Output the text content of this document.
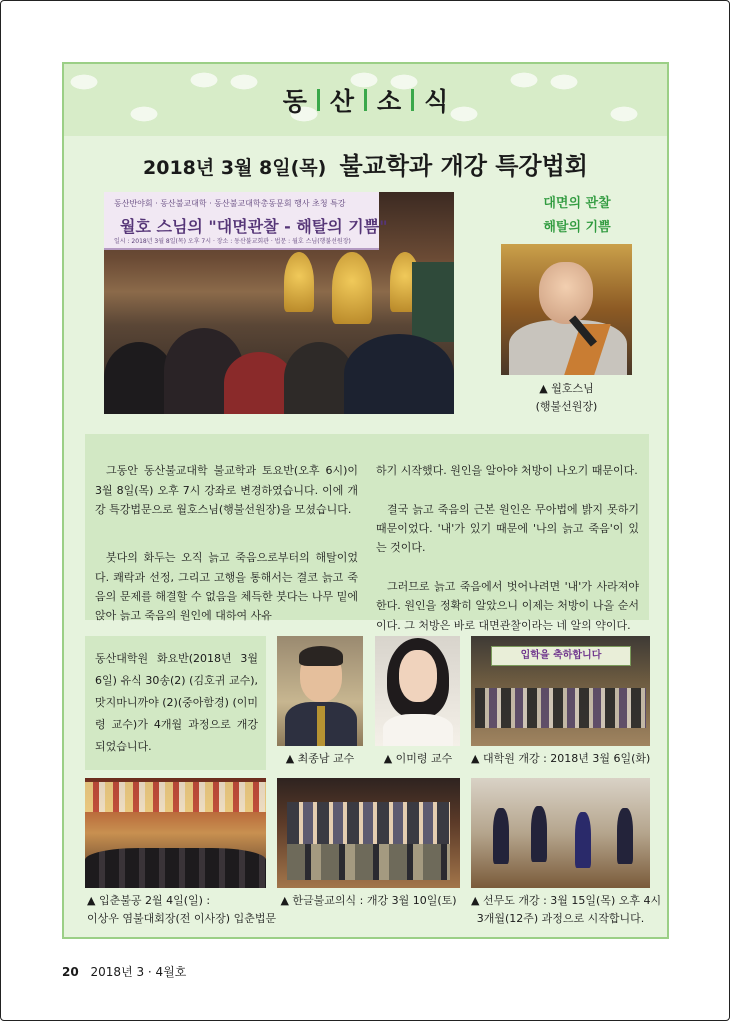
동 산 소 식
2018년 3월 8일(목) 불교학과 개강 특강법회
동산반야회 · 동산불교대학 · 동산불교대학총동문회 행사 초청 특강
월호 스님의 "대면관찰 - 해탈의 기쁨"
일시 : 2018년 3월 8일(목) 오후 7시 · 장소 : 동산불교회관 · 법문 : 월호 스님(행불선원장)
대면의 관찰
해탈의 기쁨
▲ 월호스님
(행불선원장)

그동안 동산불교대학 불교학과 토요반(오후 6시)이 3월 8일(목) 오후 7시 강좌로 변경하였습니다. 이에 개강 특강법문으로 월호스님(행불선원장)을 모셨습니다.

붓다의 화두는 오직 늙고 죽음으로부터의 해탈이었다. 쾌락과 선정, 그리고 고행을 통해서는 결코 늙고 죽음의 문제를 해결할 수 없음을 체득한 붓다는 나무 밑에 앉아 늙고 죽음의 원인에 대하여 사유

하기 시작했다. 원인을 알아야 처방이 나오기 때문이다.

결국 늙고 죽음의 근본 원인은 무아법에 밝지 못하기 때문이었다. '내'가 있기 때문에 '나의 늙고 죽음'이 있는 것이다.

그러므로 늙고 죽음에서 벗어나려면 '내'가 사라져야 한다. 원인을 정확히 알았으니 이제는 처방이 나올 순서이다. 그 처방은 바로 대면관찰이라는 네 알의 약이다.

동산대학원 화요반(2018년 3월 6일) 유식 30송(2) (김호귀 교수), 맛지마니까야 (2)(중아함경) (이미령 교수)가 4개월 과정으로 개강되었습니다.
▲ 최종남 교수	▲ 이미령 교수
입학을 축하합니다
▲ 대학원 개강 : 2018년 3월 6일(화)
▲ 입춘불공 2월 4일(일) :
이상우 염불대회장(전 이사장) 입춘법문
▲ 한글불교의식 : 개강 3월 10일(토)	▲ 선무도 개강 : 3월 15일(목) 오후 4시
3개월(12주) 과정으로 시작합니다.
20 2018년 3 · 4월호
